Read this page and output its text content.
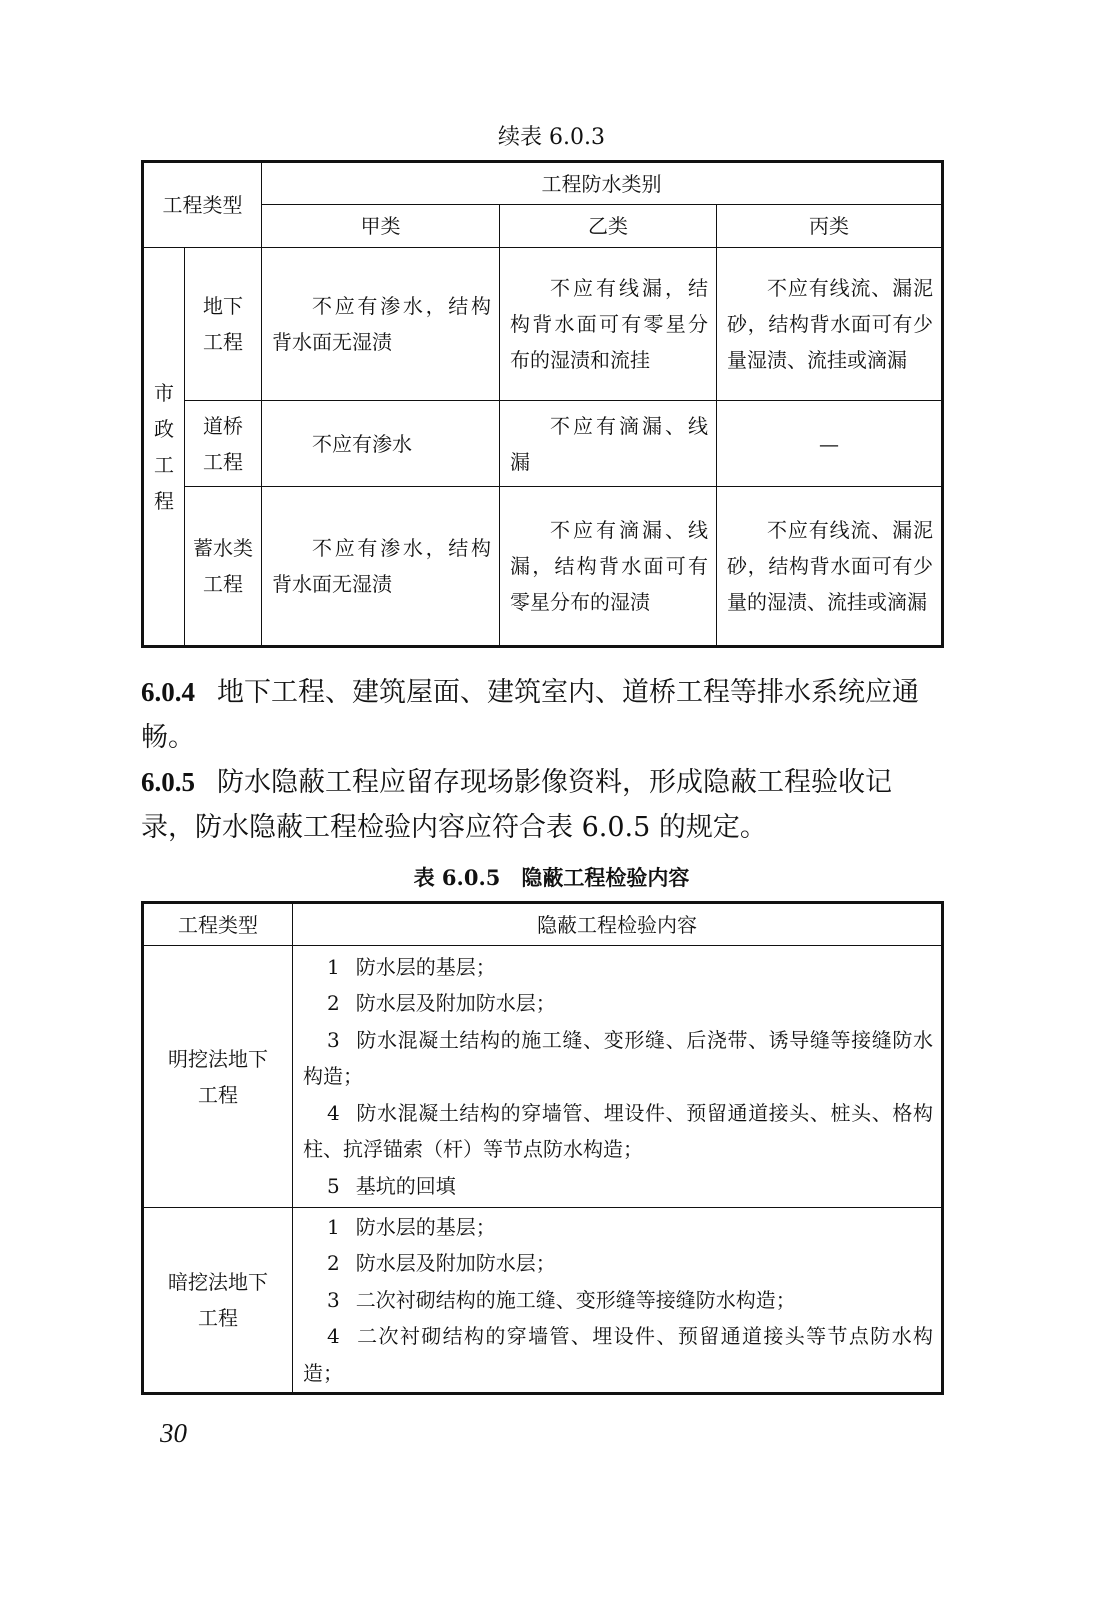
续表 6.0.3
工程类型		工程防水类别		
		甲类	乙类	丙类

市政工程	地下工程	不应有渗水，结构背水面无湿渍	不应有线漏，结构背水面可有零星分布的湿渍和流挂	不应有线流、漏泥砂，结构背水面可有少量湿渍、流挂或滴漏

	道桥工程	不应有渗水	不应有滴漏、线漏	—

	蓄水类工程	不应有渗水，结构背水面无湿渍	不应有滴漏、线漏，结构背水面可有零星分布的湿渍	不应有线流、漏泥砂，结构背水面可有少量的湿渍、流挂或滴漏
6.0.4 地下工程、建筑屋面、建筑室内、道桥工程等排水系统应通畅。
6.0.5 防水隐蔽工程应留存现场影像资料，形成隐蔽工程验收记录，防水隐蔽工程检验内容应符合表 6.0.5 的规定。
表 6.0.5　隐蔽工程检验内容
工程类型	隐蔽工程检验内容

明挖法地下工程	1 防水层的基层；
2 防水层及附加防水层；
3 防水混凝土结构的施工缝、变形缝、后浇带、诱导缝等接缝防水构造；
4 防水混凝土结构的穿墙管、埋设件、预留通道接头、桩头、格构柱、抗浮锚索（杆）等节点防水构造；
5 基坑的回填

暗挖法地下工程	1 防水层的基层；
2 防水层及附加防水层；
3 二次衬砌结构的施工缝、变形缝等接缝防水构造；
4 二次衬砌结构的穿墙管、埋设件、预留通道接头等节点防水构造；
30
